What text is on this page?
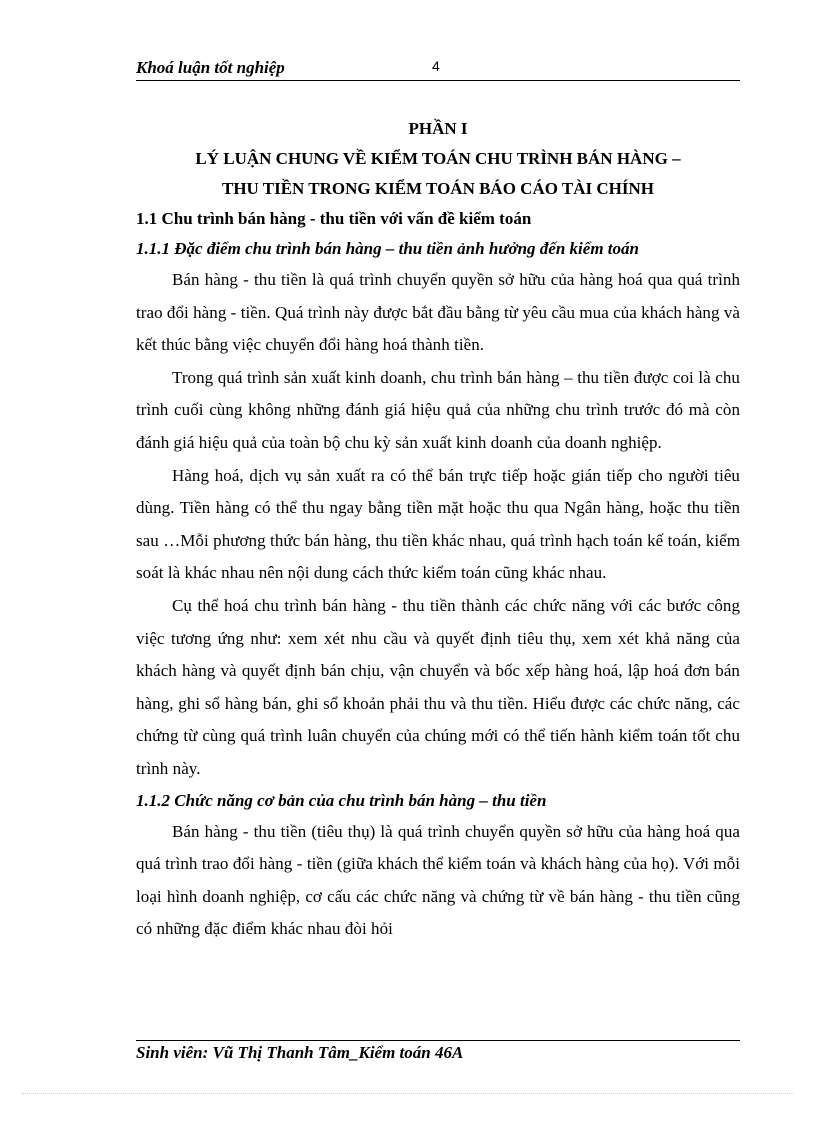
Khoá luận tốt nghiệp	4

PHẦN I

LÝ LUẬN CHUNG VỀ KIỂM TOÁN CHU TRÌNH BÁN HÀNG –

THU TIỀN TRONG KIỂM TOÁN BÁO CÁO TÀI CHÍNH

1.1 Chu trình bán hàng - thu tiền với vấn đề kiểm toán

1.1.1 Đặc điểm chu trình bán hàng – thu tiền ảnh hưởng đến kiểm toán

Bán hàng - thu tiền là quá trình chuyển quyền sở hữu của hàng hoá qua quá trình trao đổi hàng - tiền. Quá trình này được bắt đầu bằng từ yêu cầu mua của khách hàng và kết thúc bằng việc chuyển đổi hàng hoá thành tiền.

Trong quá trình sản xuất kinh doanh, chu trình bán hàng – thu tiền được coi là chu trình cuối cùng không những đánh giá hiệu quả của những chu trình trước đó mà còn đánh giá hiệu quả của toàn bộ chu kỳ sản xuất kinh doanh của doanh nghiệp.

Hàng hoá, dịch vụ sản xuất ra có thể bán trực tiếp hoặc gián tiếp cho người tiêu dùng. Tiền hàng có thể thu ngay bằng tiền mặt hoặc thu qua Ngân hàng, hoặc thu tiền sau …Mỗi phương thức bán hàng, thu tiền khác nhau, quá trình hạch toán kế toán, kiểm soát là khác nhau nên nội dung cách thức kiểm toán cũng khác nhau.

Cụ thể hoá chu trình bán hàng - thu tiền thành các chức năng với các bước công việc tương ứng như: xem xét nhu cầu và quyết định tiêu thụ, xem xét khả năng của khách hàng và quyết định bán chịu, vận chuyển và bốc xếp hàng hoá, lập hoá đơn bán hàng, ghi sổ hàng bán, ghi sổ khoản phải thu và thu tiền. Hiểu được các chức năng, các chứng từ cùng quá trình luân chuyển của chúng mới có thể tiến hành kiểm toán tốt chu trình này.

1.1.2 Chức năng cơ bản của chu trình bán hàng – thu tiền

Bán hàng - thu tiền (tiêu thụ) là quá trình chuyển quyền sở hữu của hàng hoá qua quá trình trao đổi hàng - tiền (giữa khách thể kiểm toán và khách hàng của họ). Với mỗi loại hình doanh nghiệp, cơ cấu các chức năng và chứng từ về bán hàng - thu tiền cũng có những đặc điểm khác nhau đòi hỏi

Sinh viên: Vũ Thị Thanh Tâm_Kiểm toán 46A
